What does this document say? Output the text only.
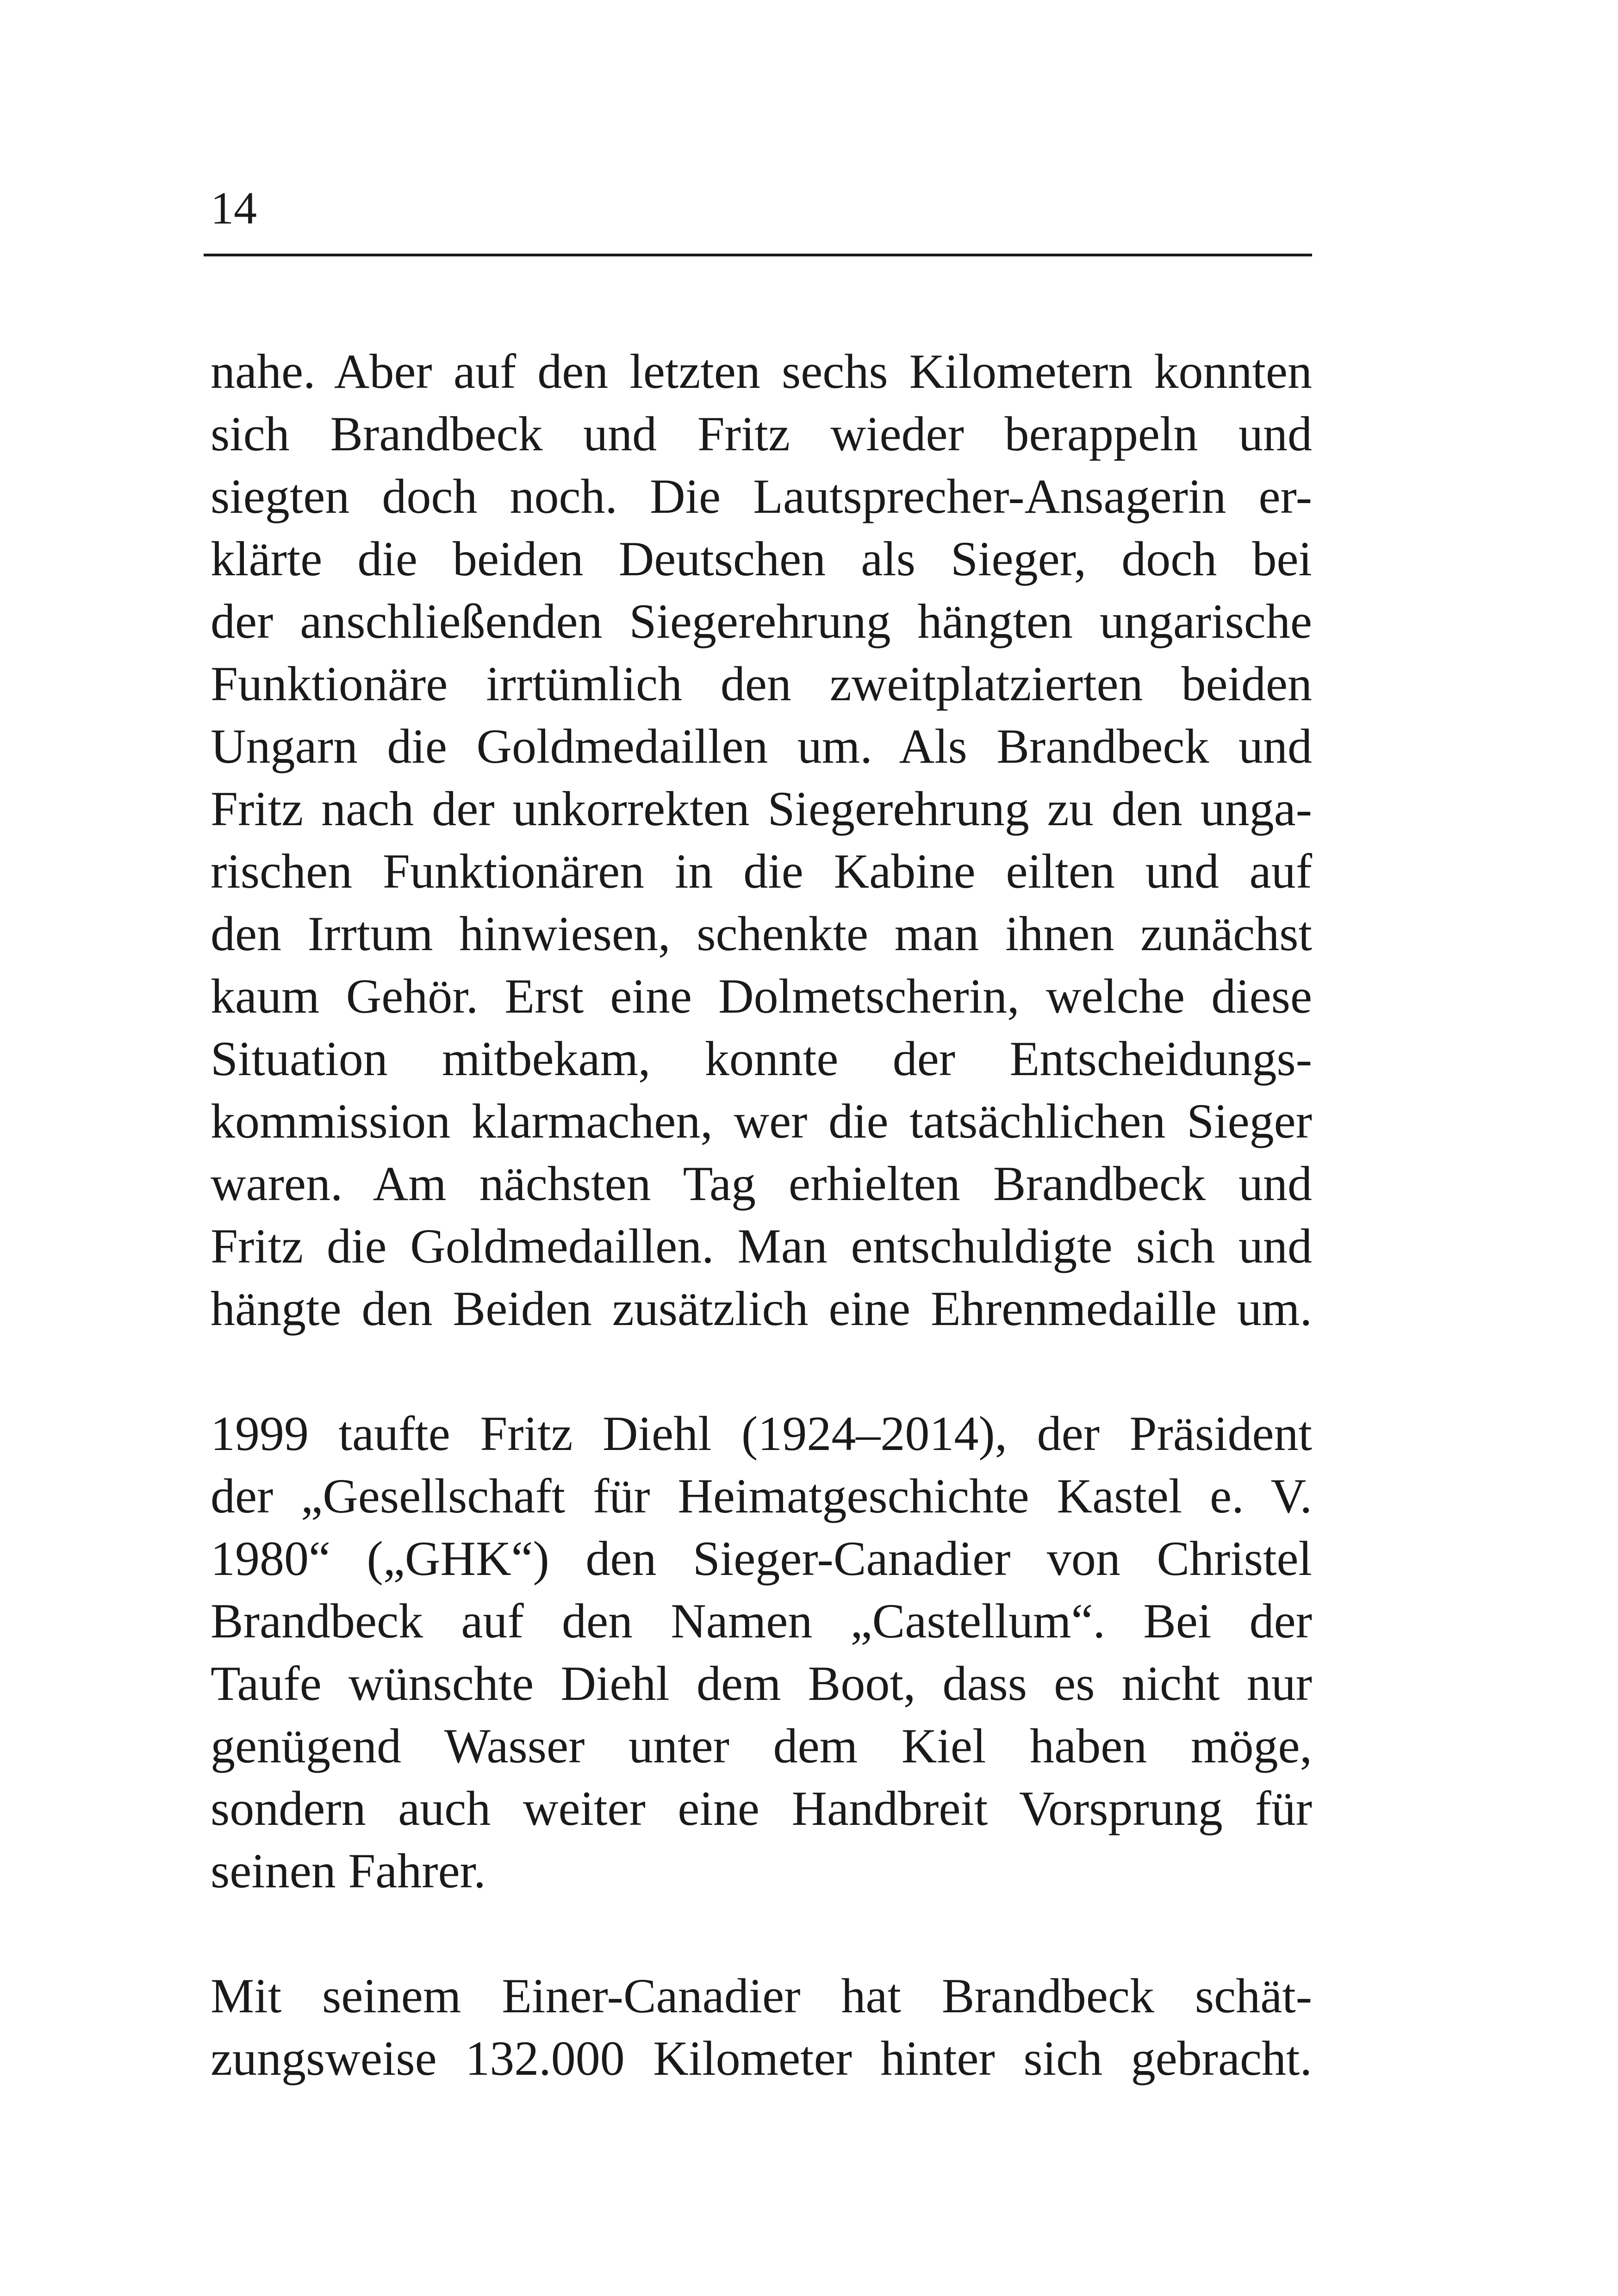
14

nahe. Aber auf den letzten sechs Kilometern konnten

sich Brandbeck und Fritz wieder berappeln und

siegten doch noch. Die Lautsprecher-Ansagerin er-

klärte die beiden Deutschen als Sieger, doch bei

der anschließenden Siegerehrung hängten ungarische

Funktionäre irrtümlich den zweitplatzierten beiden

Ungarn die Goldmedaillen um. Als Brandbeck und

Fritz nach der unkorrekten Siegerehrung zu den unga-

rischen Funktionären in die Kabine eilten und auf

den Irrtum hinwiesen, schenkte man ihnen zunächst

kaum Gehör. Erst eine Dolmetscherin, welche diese

Situation mitbekam, konnte der Entscheidungs-

kommission klarmachen, wer die tatsächlichen Sieger

waren. Am nächsten Tag erhielten Brandbeck und

Fritz die Goldmedaillen. Man entschuldigte sich und

hängte den Beiden zusätzlich eine Ehrenmedaille um.

1999 taufte Fritz Diehl (1924–2014), der Präsident

der „Gesellschaft für Heimatgeschichte Kastel e. V.

1980“ („GHK“) den Sieger-Canadier von Christel

Brandbeck auf den Namen „Castellum“. Bei der

Taufe wünschte Diehl dem Boot, dass es nicht nur

genügend Wasser unter dem Kiel haben möge,

sondern auch weiter eine Handbreit Vorsprung für

seinen Fahrer.

Mit seinem Einer-Canadier hat Brandbeck schät-

zungsweise 132.000 Kilometer hinter sich gebracht.
